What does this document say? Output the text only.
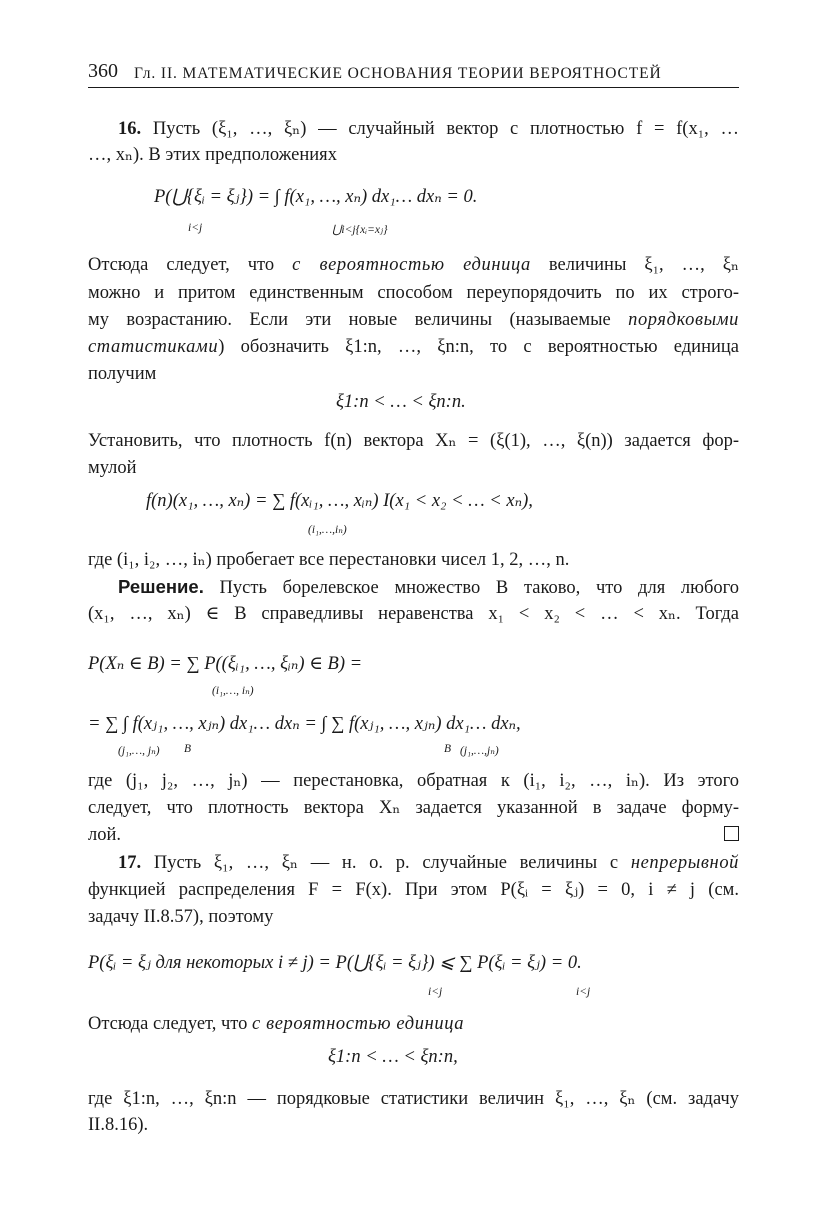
360 Гл. II. МАТЕМАТИЧЕСКИЕ ОСНОВАНИЯ ТЕОРИИ ВЕРОЯТНОСТЕЙ
16. Пусть (ξ₁, …, ξₙ) — случайный вектор с плотностью f = f(x₁, …
…, xₙ). В этих предположениях
P(⋃{ξᵢ = ξⱼ}) = ∫ f(x₁, …, xₙ) dx₁… dxₙ = 0.
i<j	⋃i<j{xᵢ=xⱼ}
Отсюда следует, что с вероятностью единица величины ξ₁, …, ξₙ
можно и притом единственным способом переупорядочить по их строго-
му возрастанию. Если эти новые величины (называемые порядковыми
статистиками) обозначить ξ1:n, …, ξn:n, то с вероятностью единица
получим
ξ1:n < … < ξn:n.
Установить, что плотность f(n) вектора Xₙ = (ξ(1), …, ξ(n)) задается фор-
мулой
f(n)(x₁, …, xₙ) = ∑ f(xᵢ₁, …, xᵢₙ) I(x₁ < x₂ < … < xₙ),
(i₁,…,iₙ)
где (i₁, i₂, …, iₙ) пробегает все перестановки чисел 1, 2, …, n.
Решение. Пусть борелевское множество B таково, что для любого
(x₁, …, xₙ) ∈ B справедливы неравенства x₁ < x₂ < … < xₙ. Тогда
P(Xₙ ∈ B) = ∑ P((ξᵢ₁, …, ξᵢₙ) ∈ B) =
(i₁,…, iₙ)
= ∑ ∫ f(xⱼ₁, …, xⱼₙ) dx₁… dxₙ = ∫ ∑ f(xⱼ₁, …, xⱼₙ) dx₁… dxₙ,
(j₁,…, jₙ) B	B (j₁,…,jₙ)
где (j₁, j₂, …, jₙ) — перестановка, обратная к (i₁, i₂, …, iₙ). Из этого
следует, что плотность вектора Xₙ задается указанной в задаче форму-
лой.
17. Пусть ξ₁, …, ξₙ — н. о. р. случайные величины с непрерывной
функцией распределения F = F(x). При этом P(ξᵢ = ξⱼ) = 0, i ≠ j (см.
задачу II.8.57), поэтому
P(ξᵢ = ξⱼ для некоторых i ≠ j) = P(⋃{ξᵢ = ξⱼ}) ⩽ ∑ P(ξᵢ = ξⱼ) = 0.
i<j	i<j
Отсюда следует, что с вероятностью единица
ξ1:n < … < ξn:n,
где ξ1:n, …, ξn:n — порядковые статистики величин ξ₁, …, ξₙ (см. задачу
II.8.16).
